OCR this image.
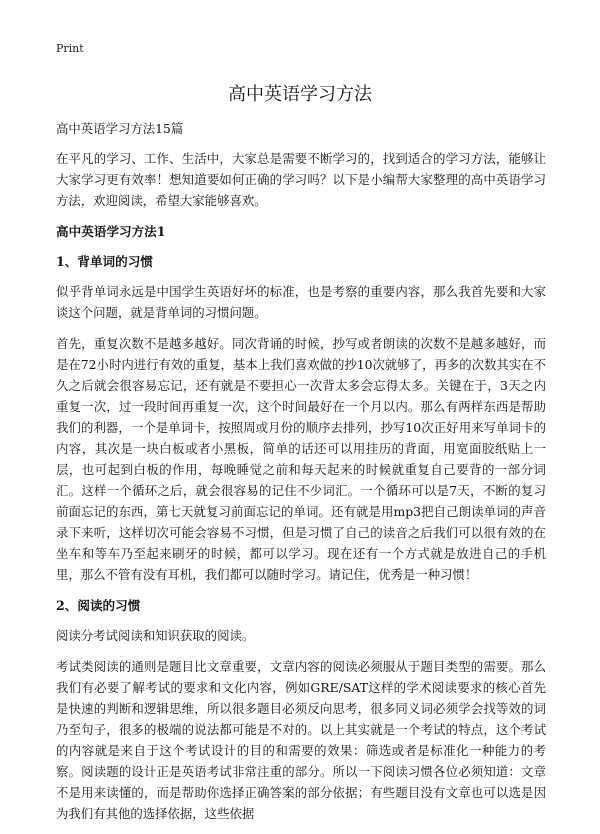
Print
高中英语学习方法

高中英语学习方法15篇

在平凡的学习、工作、生活中，大家总是需要不断学习的，找到适合的学习方法，能够让大家学习更有效率！想知道要如何正确的学习吗？以下是小编帮大家整理的高中英语学习方法，欢迎阅读，希望大家能够喜欢。

高中英语学习方法1
1、背单词的习惯

似乎背单词永远是中国学生英语好坏的标准，也是考察的重要内容，那么我首先要和大家谈这个问题，就是背单词的习惯问题。

首先，重复次数不是越多越好。同次背诵的时候，抄写或者朗读的次数不是越多越好，而是在72小时内进行有效的重复，基本上我们喜欢做的抄10次就够了，再多的次数其实在不久之后就会很容易忘记，还有就是不要担心一次背太多会忘得太多。关键在于，3天之内重复一次，过一段时间再重复一次，这个时间最好在一个月以内。那么有两样东西是帮助我们的利器，一个是单词卡，按照周或月份的顺序去排列，抄写10次正好用来写单词卡的内容，其次是一块白板或者小黑板，简单的话还可以用挂历的背面，用宽面胶纸贴上一层，也可起到白板的作用，每晚睡觉之前和每天起来的时候就重复自己要背的一部分词汇。这样一个循环之后，就会很容易的记住不少词汇。一个循环可以是7天，不断的复习前面忘记的东西，第七天就复习前面忘记的单词。还有就是用mp3把自己朗读单词的声音录下来听，这样切次可能会容易不习惯，但是习惯了自己的读音之后我们可以很有效的在坐车和等车乃至起来刷牙的时候，都可以学习。现在还有一个方式就是放进自己的手机里，那么不管有没有耳机，我们都可以随时学习。请记住，优秀是一种习惯！

2、阅读的习惯

阅读分考试阅读和知识获取的阅读。

考试类阅读的通则是题目比文章重要，文章内容的阅读必须服从于题目类型的需要。那么我们有必要了解考试的要求和文化内容，例如GRE/SAT这样的学术阅读要求的核心首先是快速的判断和逻辑思维，所以很多题目必须反向思考，很多同义词必须学会找等效的词乃至句子，很多的极端的说法都可能是不对的。以上其实就是一个考试的特点，这个考试的内容就是来自于这个考试设计的目的和需要的效果：筛选或者是标准化一种能力的考察。阅读题的设计正是英语考试非常注重的部分。所以一下阅读习惯各位必须知道：文章不是用来读懂的，而是帮助你选择正确答案的部分依据；有些题目没有文章也可以选是因为我们有其他的选择依据，这些依据
